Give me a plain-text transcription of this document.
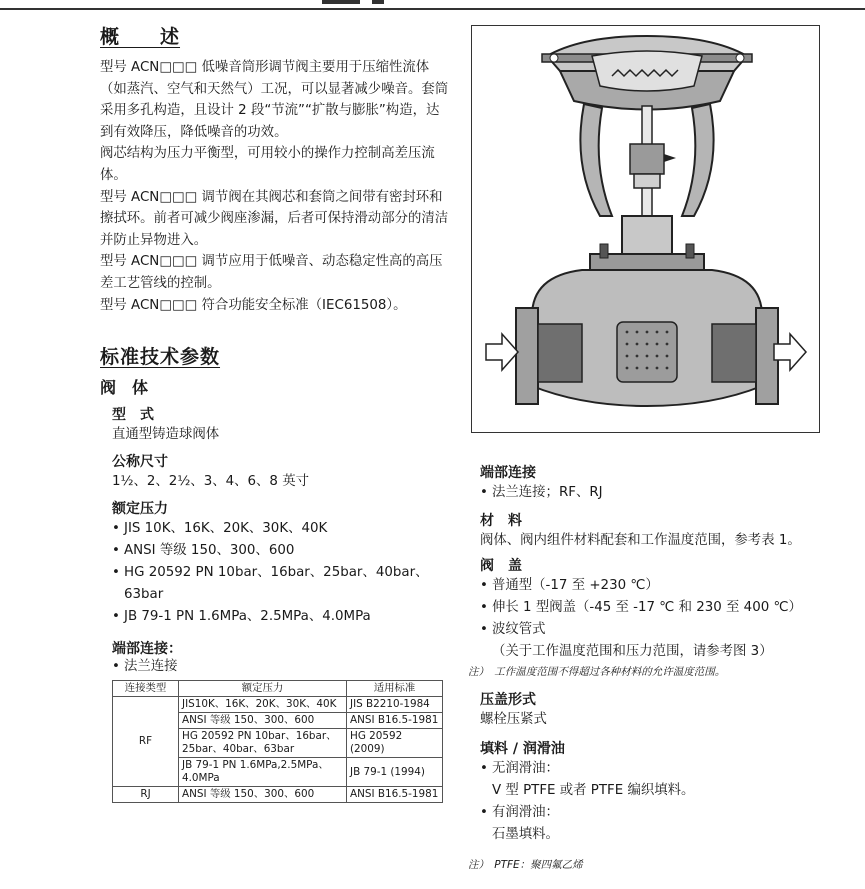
概　　述

型号 ACN□□□ 低噪音筒形调节阀主要用于压缩性流体（如蒸汽、空气和天然气）工况，可以显著减少噪音。套筒采用多孔构造，且设计 2 段“节流”“扩散与膨胀”构造，达到有效降压，降低噪音的功效。

阀芯结构为压力平衡型，可用较小的操作力控制高差压流体。

型号 ACN□□□ 调节阀在其阀芯和套筒之间带有密封环和擦拭环。前者可减少阀座渗漏，后者可保持滑动部分的清洁并防止异物进入。

型号 ACN□□□ 调节应用于低噪音、动态稳定性高的高压差工艺管线的控制。

型号 ACN□□□ 符合功能安全标准（IEC61508）。

标准技术参数
阀　体
型　式
直通型铸造球阀体
公称尺寸
1½、2、2½、3、4、6、8 英寸
额定压力
• JIS 10K、16K、20K、30K、40K
• ANSI 等级 150、300、600
• HG 20592 PN 10bar、16bar、25bar、40bar、
63bar
• JB 79-1 PN 1.6MPa、2.5MPa、4.0MPa
端部连接：
• 法兰连接
连接类型	额定压力	适用标准
RF	JIS10K、16K、20K、30K、40K	JIS B2210-1984
	ANSI 等级 150、300、600	ANSI B16.5-1981
	HG 20592 PN 10bar、16bar、25bar、40bar、63bar	HG 20592 (2009)
	JB 79-1 PN 1.6MPa,2.5MPa、4.0MPa	JB 79-1 (1994)
RJ	ANSI 等级 150、300、600	ANSI B16.5-1981
端部连接
• 法兰连接；RF、RJ
材　料
阀体、阀内组件材料配套和工作温度范围，参考表 1。
阀　盖
• 普通型（-17 至 +230 ℃）
• 伸长 1 型阀盖（-45 至 -17 ℃ 和 230 至 400 ℃）
• 波纹管式
（关于工作温度范围和压力范围，请参考图 3）
注）　工作温度范围不得超过各种材料的允许温度范围。
压盖形式
螺栓压紧式
填料 / 润滑油
• 无润滑油：
V 型 PTFE 或者 PTFE 编织填料。
• 有润滑油：
石墨填料。
注）　PTFE：聚四氟乙烯
